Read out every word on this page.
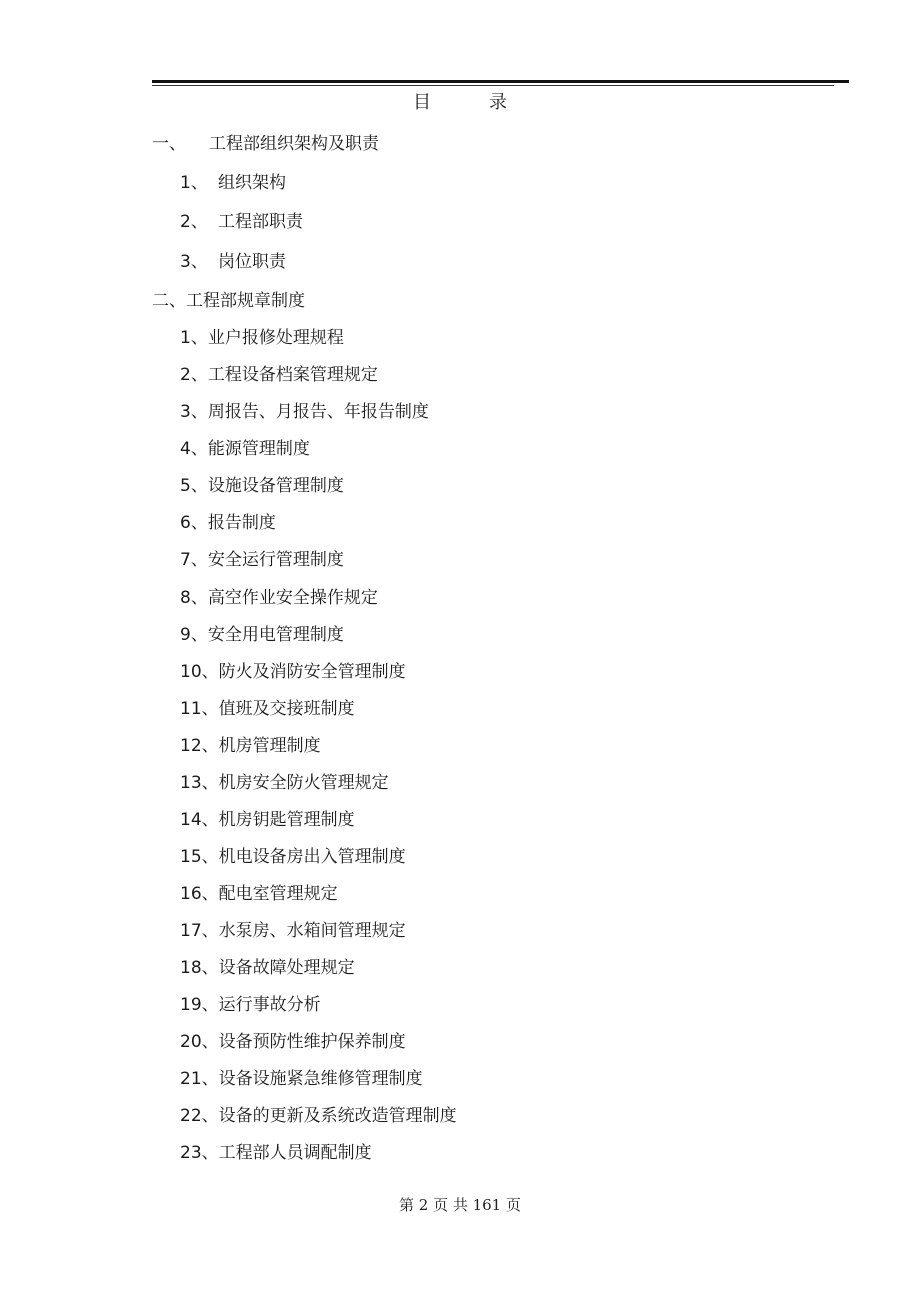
目	录
一、 工程部组织架构及职责
1、 组织架构
2、 工程部职责
3、 岗位职责
二、工程部规章制度
1、业户报修处理规程
2、工程设备档案管理规定
3、周报告、月报告、年报告制度
4、能源管理制度
5、设施设备管理制度
6、报告制度
7、安全运行管理制度
8、高空作业安全操作规定
9、安全用电管理制度
10、防火及消防安全管理制度
11、值班及交接班制度
12、机房管理制度
13、机房安全防火管理规定
14、机房钥匙管理制度
15、机电设备房出入管理制度
16、配电室管理规定
17、水泵房、水箱间管理规定
18、设备故障处理规定
19、运行事故分析
20、设备预防性维护保养制度
21、设备设施紧急维修管理制度
22、设备的更新及系统改造管理制度
23、工程部人员调配制度
第 2 页 共 161 页
